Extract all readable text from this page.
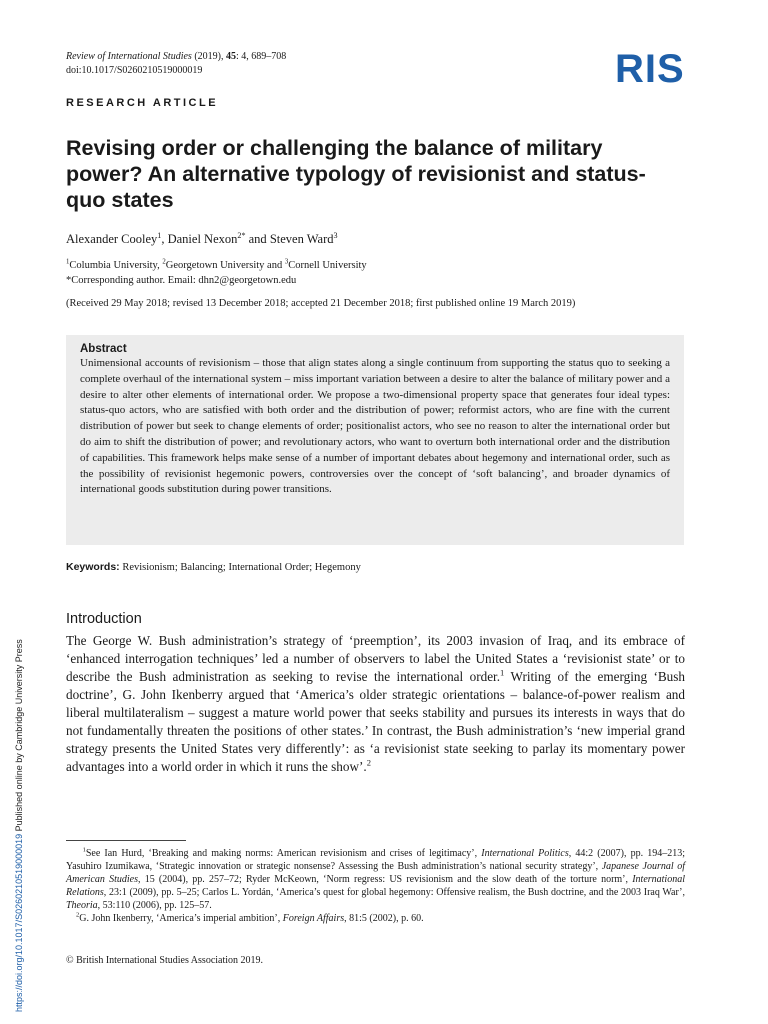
Review of International Studies (2019), 45: 4, 689–708
doi:10.1017/S0260210519000019	RIS
RESEARCH ARTICLE
Revising order or challenging the balance of military power? An alternative typology of revisionist and status-quo states
Alexander Cooley$^1$, Daniel Nexon$^{2*}$ and Steven Ward$^3$
$^1$Columbia University, $^2$Georgetown University and $^3$Cornell University
*Corresponding author. Email: dhn2@georgetown.edu
(Received 29 May 2018; revised 13 December 2018; accepted 21 December 2018; first published online 19 March 2019)
Abstract

Unimensional accounts of revisionism – those that align states along a single continuum from supporting the status quo to seeking a complete overhaul of the international system – miss important variation between a desire to alter the balance of military power and a desire to alter other elements of international order. We propose a two-dimensional property space that generates four ideal types: status-quo actors, who are satisfied with both order and the distribution of power; reformist actors, who are fine with the current distribution of power but seek to change elements of order; positionalist actors, who see no reason to alter the international order but do aim to shift the distribution of power; and revolutionary actors, who want to overturn both international order and the distribution of capabilities. This framework helps make sense of a number of important debates about hegemony and international order, such as the possibility of revisionist hegemonic powers, controversies over the concept of ‘soft balancing’, and broader dynamics of international goods substitution during power transitions.

Keywords: Revisionism; Balancing; International Order; Hegemony
Introduction

The George W. Bush administration’s strategy of ‘preemption’, its 2003 invasion of Iraq, and its embrace of ‘enhanced interrogation techniques’ led a number of observers to label the United States a ‘revisionist state’ or to describe the Bush administration as seeking to revise the international order.$^1$ Writing of the emerging ‘Bush doctrine’, G. John Ikenberry argued that ‘America’s older strategic orientations – balance-of-power realism and liberal multilateralism – suggest a mature world power that seeks stability and pursues its interests in ways that do not fundamentally threaten the positions of other states.’ In contrast, the Bush administration’s ‘new imperial grand strategy presents the United States very differently’: as ‘a revisionist state seeking to parlay its momentary power advantages into a world order in which it runs the show’.$^2$

$^1$See Ian Hurd, ‘Breaking and making norms: American revisionism and crises of legitimacy’, International Politics, 44:2 (2007), pp. 194–213; Yasuhiro Izumikawa, ‘Strategic innovation or strategic nonsense? Assessing the Bush administration’s national security strategy’, Japanese Journal of American Studies, 15 (2004), pp. 257–72; Ryder McKeown, ‘Norm regress: US revisionism and the slow death of the torture norm’, International Relations, 23:1 (2009), pp. 5–25; Carlos L. Yordán, ‘America’s quest for global hegemony: Offensive realism, the Bush doctrine, and the 2003 Iraq War’, Theoria, 53:110 (2006), pp. 125–57.

$^2$G. John Ikenberry, ‘America’s imperial ambition’, Foreign Affairs, 81:5 (2002), p. 60.

© British International Studies Association 2019.
https://doi.org/10.1017/S0260210519000019 Published online by Cambridge University Press
